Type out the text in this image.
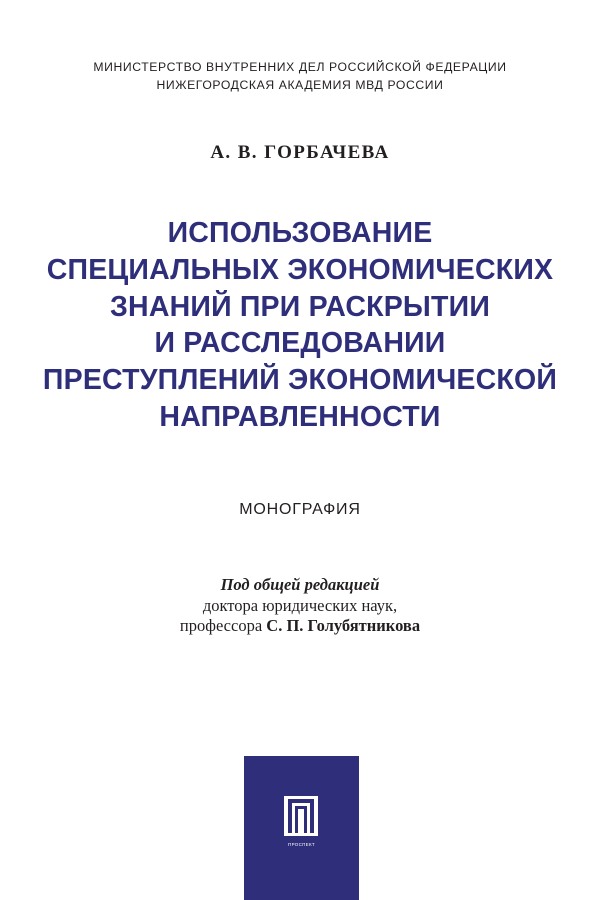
МИНИСТЕРСТВО ВНУТРЕННИХ ДЕЛ РОССИЙСКОЙ ФЕДЕРАЦИИ
НИЖЕГОРОДСКАЯ АКАДЕМИЯ МВД РОССИИ
А. В. ГОРБАЧЕВА
ИСПОЛЬЗОВАНИЕ
СПЕЦИАЛЬНЫХ ЭКОНОМИЧЕСКИХ
ЗНАНИЙ ПРИ РАСКРЫТИИ
И РАССЛЕДОВАНИИ
ПРЕСТУПЛЕНИЙ ЭКОНОМИЧЕСКОЙ
НАПРАВЛЕННОСТИ
МОНОГРАФИЯ
Под общей редакцией
доктора юридических наук,
профессора С. П. Голубятникова
ПРОСПЕКТ
